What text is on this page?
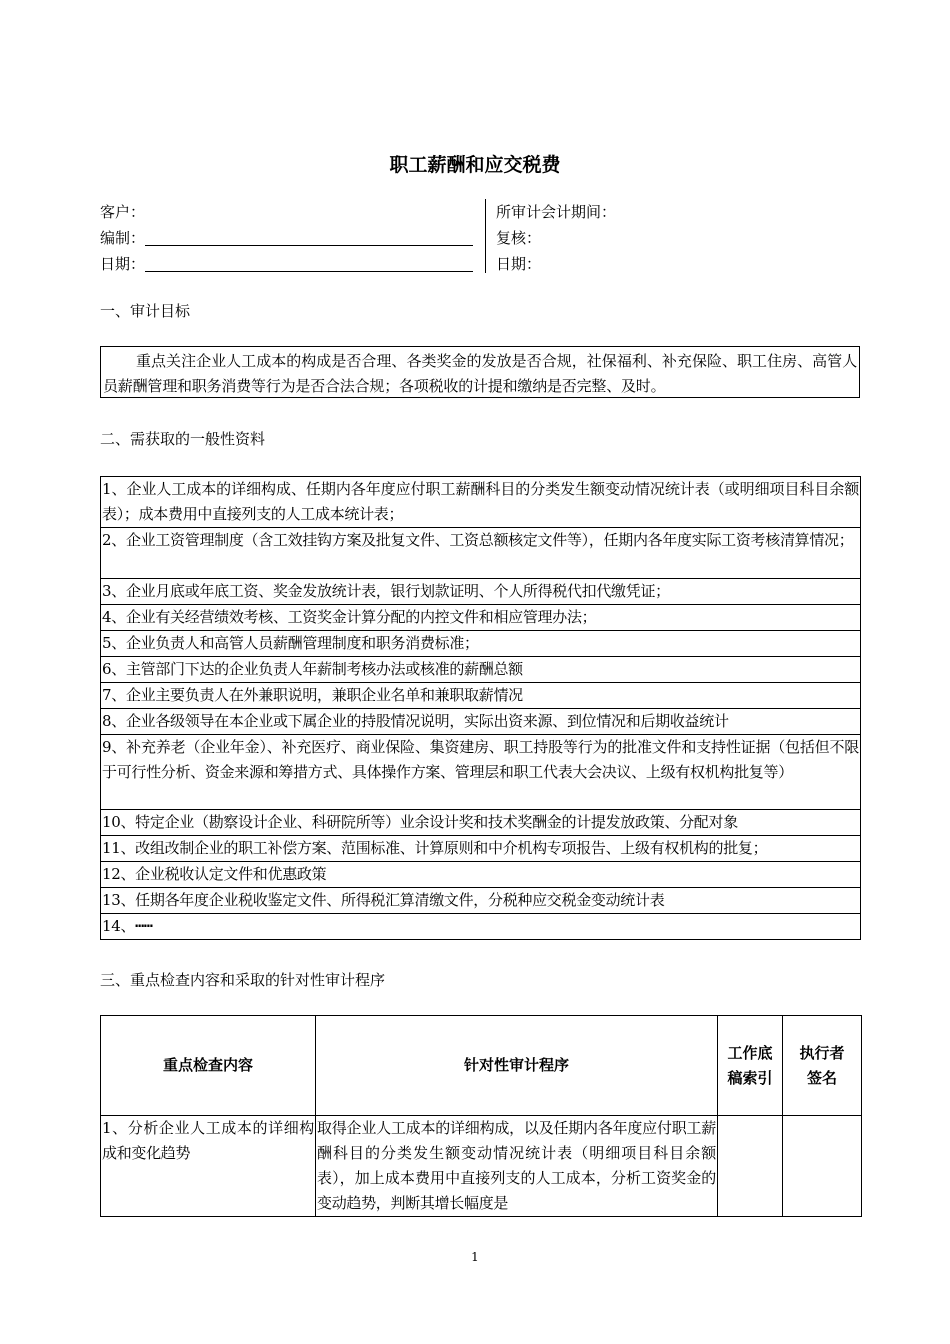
职工薪酬和应交税费
客户：
编制：
日期：
所审计会计期间：
复核：
日期：
一、审计目标
重点关注企业人工成本的构成是否合理、各类奖金的发放是否合规，社保福利、补充保险、职工住房、高管人员薪酬管理和职务消费等行为是否合法合规；各项税收的计提和缴纳是否完整、及时。
二、需获取的一般性资料
1、企业人工成本的详细构成、任期内各年度应付职工薪酬科目的分类发生额变动情况统计表（或明细项目科目余额表）；成本费用中直接列支的人工成本统计表；
2、企业工资管理制度（含工效挂钩方案及批复文件、工资总额核定文件等），任期内各年度实际工资考核清算情况；
3、企业月底或年底工资、奖金发放统计表，银行划款证明、个人所得税代扣代缴凭证；
4、企业有关经营绩效考核、工资奖金计算分配的内控文件和相应管理办法；
5、企业负责人和高管人员薪酬管理制度和职务消费标准；
6、主管部门下达的企业负责人年薪制考核办法或核准的薪酬总额
7、企业主要负责人在外兼职说明，兼职企业名单和兼职取薪情况
8、企业各级领导在本企业或下属企业的持股情况说明，实际出资来源、到位情况和后期收益统计
9、补充养老（企业年金）、补充医疗、商业保险、集资建房、职工持股等行为的批准文件和支持性证据（包括但不限于可行性分析、资金来源和筹措方式、具体操作方案、管理层和职工代表大会决议、上级有权机构批复等）
10、特定企业（勘察设计企业、科研院所等）业余设计奖和技术奖酬金的计提发放政策、分配对象
11、改组改制企业的职工补偿方案、范围标准、计算原则和中介机构专项报告、上级有权机构的批复；
12、企业税收认定文件和优惠政策
13、任期各年度企业税收鉴定文件、所得税汇算清缴文件，分税种应交税金变动统计表
14、┅┅
三、重点检查内容和采取的针对性审计程序
重点检查内容	针对性审计程序	工作底稿索引	执行者签名
1、分析企业人工成本的详细构成和变化趋势	取得企业人工成本的详细构成，以及任期内各年度应付职工薪酬科目的分类发生额变动情况统计表（明细项目科目余额表），加上成本费用中直接列支的人工成本，分析工资奖金的变动趋势，判断其增长幅度是		
1
